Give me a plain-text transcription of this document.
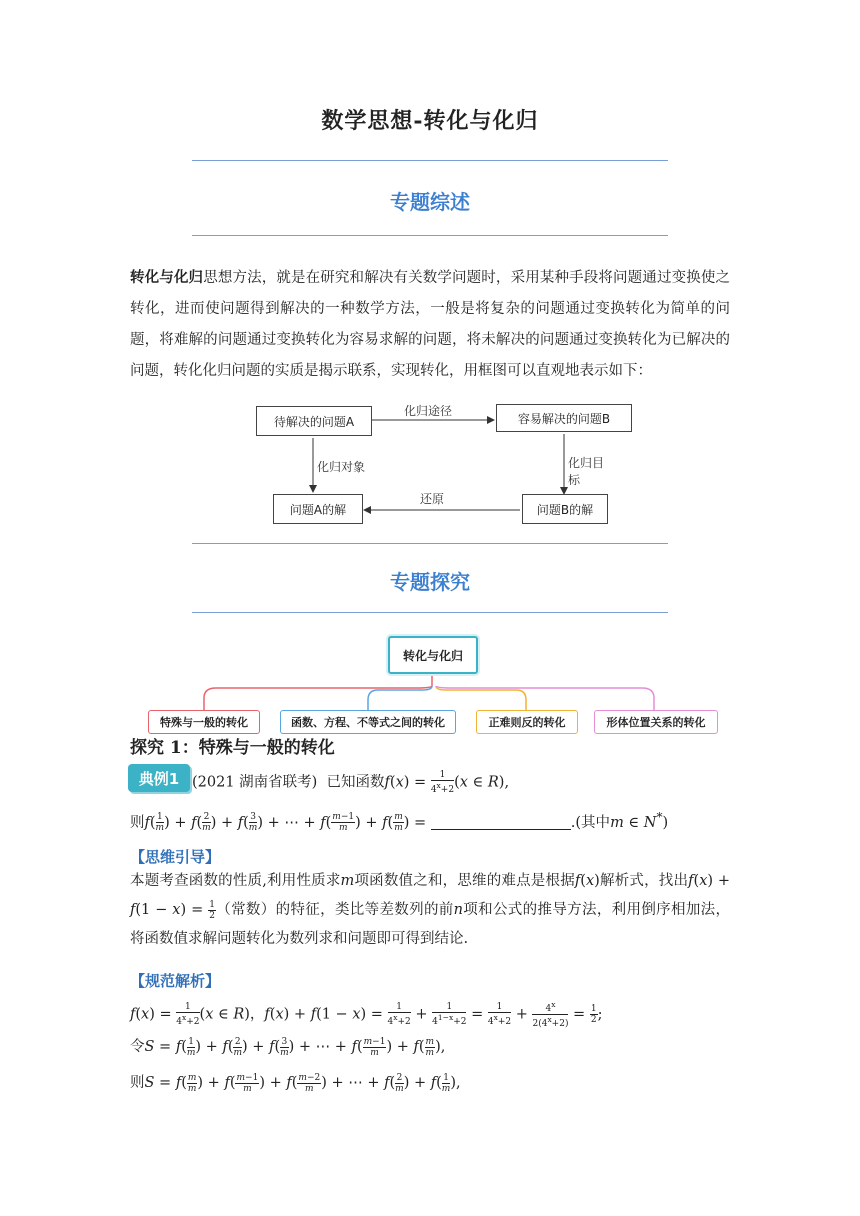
数学思想-转化与化归
专题综述
转化与化归思想方法，就是在研究和解决有关数学问题时，采用某种手段将问题通过变换使之转化，进而使问题得到解决的一种数学方法，一般是将复杂的问题通过变换转化为简单的问题，将难解的问题通过变换转化为容易求解的问题，将未解决的问题通过变换转化为已解决的问题，转化化归问题的实质是揭示联系，实现转化，用框图可以直观地表示如下：
待解决的问题A	容易解决的问题B
问题A的解	问题B的解
化归途径
化归对象	化归目标
还原
专题探究
转化与化归
特殊与一般的转化	函数、方程、不等式之间的转化	正难则反的转化	形体位置关系的转化
探究 1：特殊与一般的转化
典例1 (2021 湖南省联考) 已知函数$f(x) = \frac{1}{4^x+2} (x$ ∈ R),
则$f( \frac{1}{m}$ ) + $f( \frac{2}{m}$ ) + $f( \frac{3}{m}$ ) + ⋯ + $f( \frac{m-1}{m}$ ) + $f( \frac{m}{m}$ ) =	.(其中m ∈ N*)
【思维引导】
本题考查函数的性质,利用性质求m项函数值之和，思维的难点是根据f(x)解析式，找出$f(x) + f(1 - x) = \frac{1}{2}$ （常数）的特征，类比等差数列的前n项和公式的推导方法，利用倒序相加法，将函数值求解问题转化为数列求和问题即可得到结论.
【规范解析】
$f(x) = \frac{1}{4^x+2} (x$ ∈ R)，$f(x) + f(1 - x) = \frac{1}{4^x+2} + \frac{1}{4^{1-x}+2} = \frac{1}{4^x+2} + \frac{4^x}{2(4^x+2)} = \frac{1}{2}$ ;
令$S = f( \frac{1}{m}$ ) + $f( \frac{2}{m}$ ) + $f( \frac{3}{m}$ ) + ⋯ + $f( \frac{m-1}{m}$ ) + $f( \frac{m}{m}$ ),
则$S = f( \frac{m}{m}$ ) + $f( \frac{m-1}{m}$ ) + $f( \frac{m-2}{m}$ ) + ⋯ + $f( \frac{2}{m}$ ) + $f( \frac{1}{m}$ ),
